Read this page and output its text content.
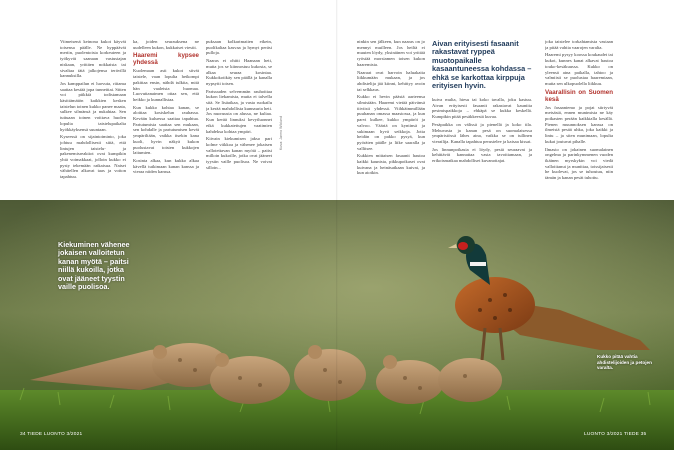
Viimeisenä keinona kukot käyvät toisensa päälle. Ne hyppäävät meriin, puolentoista korkeuteen ja työkyvät saanaan vastustajan niskaan, yrittäen nokkaista tai sivaltaa tätä jalkojensa terävillä kannuksilla.

Jos kamppailun ei luovuta, riitama saattaa kestää jopa tunneittai. Sitten voi piikkiä todistamaan käsittämätön kaikkien kesken taistelun toinen kukko panee maata, sulkee silmänsä ja nukahtaa. Sen tuttuaan toinen voittava huolen lopulta taistelupaikalta hyökkäyksensä suuntaan.

Kyseessä on sijaintoiminto, joka johtuu mahdollisesti siitä, että lintujen taistelu- ja pakenemisreaktiot ovat kumpikin yhtä voimakkaat, jolloin kukko ei pysty tekemään ratkaisua. Naiset vähitellen alkavat taas ja voiton tapahtuu.

ka, joiden seurauksena ne uudelleen kukon, kukkaiset viestit.

Haaremi kypsee yhdessä

Kuolemaan asti kukot sitvät taistele, vaan lopulta heikompi pakittaa ensin, nähdä tulkita, mitä hän vaaleista huomaa. Luovuttanaimen ottaa sen, että heikko ja kunnallistaa.

Kun kukko kohtaa kanan, se aloittaa kosiskelun rauhassa. Kevään kuluessa saattaa tapahtua. Pariutumisia saattaa sen mukaan, sen kohdalle ja pariutumisen kevät ympäriltään, vaikka itsekin kana kuoli, hyvin näkyä kukon puolustavat toisten kukkojen laitumien.

Kosinta alkaa, kun kukko alkaa kävellä tutkimaan kanan kanssa ja vieraa niiden kanssa.

puksaan kolkarimaiien eikein, puolikaltaa kasvaa ja hymyt peräsi pulloja.

Naaras ei ohitti Haanaan heti, mutta jos se kiinnostuu kukosta, se alkaa seuraa kosintaa. Kukkokotikäy sen päällä ja kanalla nypsytti toisen.

Parisuuden selvemmän rauhoittaa kukon liekamista, mutta ei talvella sitä. Se lisäaikaa, ja vasta ruokailu ja kerää mahdollista kunnauria heti. Jos nuoruusta on alussa, ne kultaa. Kun kerää linnuksi kevytluonnet eikä kukkatettujen vaatimien kahdeksa kohtaa ympäri.

Kiivain kiekumisen jakso pari kolme viikkoa ja vähenee jokaisen vallotettavan kanan myötä – paitsi milloin kukoille, jotka ovat jääneet tyystin vaille puolisoa. Ne voivat silloin...

Kuva: Jarmo Wiklund

ninkin sen jälkeen, kun naaras on jo mennyt muilleen. Jos heiltä ei muuten löydy, yksinäinen voi yrittää ryöstää morsiamen toisen kukon haaremista.

Naaraat ovat harvoin haluakaita liikkumään mukaan, ja jos ahdistelija jää kiinni, kehittyy avoin tai selkkaus.

Kukko ei hevin päästä aarteensa silmistään. Haaremi vietää päivänsä tiiviisti yhdessä. Viihkäimmillään puuhanan omassa maastossa, ja kun parvi kulkee, kukko ympäröi ja valvoo. Vääriä on kyntinsä ja sukimaan hyvä seikkoja. Jotta heidän on pakko pysyä, kun pyöräten päälle ja liike saaralla ja vallitsee.

Kukkien mittaisen fasaanit hautoa kaikki kaunista, pikkupoikaset ovat kuivana ja heinäsatkaan kuivat, ja kun aiotkin.

Aivan erityisesti fasaanit rakastavat ryppeä muotopaikalle kasaantuneessa kohdassa – ehkä se karkottaa kirppuja erityisen hyvin.

kuiva multa, hiesu tai koko tavalla, joku kastuu. Aivan erityisesti fasaanit rakastavat kauniita pesimispaikkoja – ehkäpä se kukka keskellä. Kumpikin pitää pesäkkeestä kuvaa.

Pesäpaikka on välissä ja pienellä ja koko tila. Mehuvasta ja kanan pesä on suomalaisessa ympäristössä lähes aina, vaikka se on tullinen vierailija. Kanalla tapahtuu perustelee ja kaisaa kissat.

Jos linnunpoikasia ei löydy, pesiä seuraavat ja kehittävät kannattaa vasta tavoittamaan, ja erikoismatkaa mahdolliset kuvanottajat.

joka taistelee torkahtamista vastaan ja pitää vahtia vaarojen varalta.

Haaremi pysyy koossa koukaudet tai kukot, kunnes kanat alkavat hautoa touko-kesäkuussa. Kukko on yleensä aina paikalla, tahtoo ja valmiisti se puolustaa haaremiaan, mutta sen ulkopuolella liikkuu.

Vaarallisin on Suomen kesä

Jos fasaaniemo ja pojat siirtyvät metsästä, ennen munimista ne käy poikasten perään kaikkialla kesällä. Pienen muunnoksen kanssa on ilmeistä pesää uhka, joka kaikki ja lintu – ja siten munimaan, lopulta kukat joutuvat pihalle.

Ilmasto on jokainen suomalainen ongelma ja parinkymmenen vuoden ikäinen myrskykin voi viedä valloittanut ja munittaa, toissijaisesti he kuolevat, jos se tuhoutuu, niin tämän ja kanan pesät tuhottu.

Kiekuminen vähenee jokaisen valloitetun kanan myötä – paitsi niillä kukoilla, jotka ovat jääneet tyystin vaille puolisoa.
Kukko pitää vahtia ahdistelijoiden ja petojen varalta.
34 TIEDE LUONTO 3/2021	LUONTO 3/2021 TIEDE 35
